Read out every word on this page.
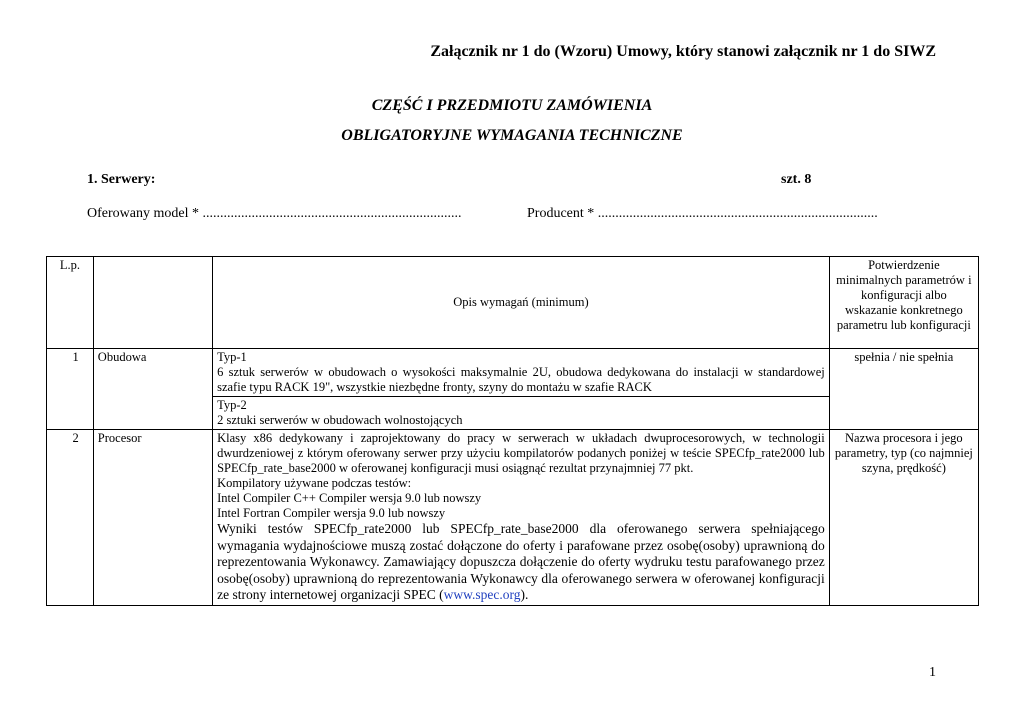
Załącznik nr 1 do (Wzoru) Umowy, który stanowi załącznik nr 1 do SIWZ
CZĘŚĆ I PRZEDMIOTU ZAMÓWIENIA
OBLIGATORYJNE WYMAGANIA TECHNICZNE
1. Serwery:	szt. 8
Oferowany model * ..........................................................................	Producent * ................................................................................
L.p.		Opis wymagań (minimum)	Potwierdzenie minimalnych parametrów i konfiguracji albo wskazanie konkretnego parametru lub konfiguracji
1	Obudowa	Typ-1
6 sztuk serwerów w obudowach o wysokości maksymalnie 2U, obudowa dedykowana do instalacji w standardowej szafie typu RACK 19", wszystkie niezbędne fronty, szyny do montażu w szafie RACK	spełnia / nie spełnia
		Typ-2
2 sztuki serwerów w obudowach wolnostojących	
2	Procesor	Klasy x86 dedykowany i zaprojektowany do pracy w serwerach w układach dwuprocesorowych, w technologii dwurdzeniowej z którym oferowany serwer przy użyciu kompilatorów podanych poniżej w teście SPECfp_rate2000 lub SPECfp_rate_base2000 w oferowanej konfiguracji musi osiągnąć rezultat przynajmniej 77 pkt.
Kompilatory używane podczas testów:
Intel Compiler C++ Compiler wersja 9.0 lub nowszy
Intel Fortran Compiler wersja 9.0 lub nowszy
Wyniki testów SPECfp_rate2000 lub SPECfp_rate_base2000 dla oferowanego serwera spełniającego wymagania wydajnościowe muszą zostać dołączone do oferty i parafowane przez osobę(osoby) uprawnioną do reprezentowania Wykonawcy. Zamawiający dopuszcza dołączenie do oferty wydruku testu parafowanego przez osobę(osoby) uprawnioną do reprezentowania Wykonawcy dla oferowanego serwera w oferowanej konfiguracji ze strony internetowej organizacji SPEC (www.spec.org).	Nazwa procesora i jego parametry, typ (co najmniej szyna, prędkość)
1
